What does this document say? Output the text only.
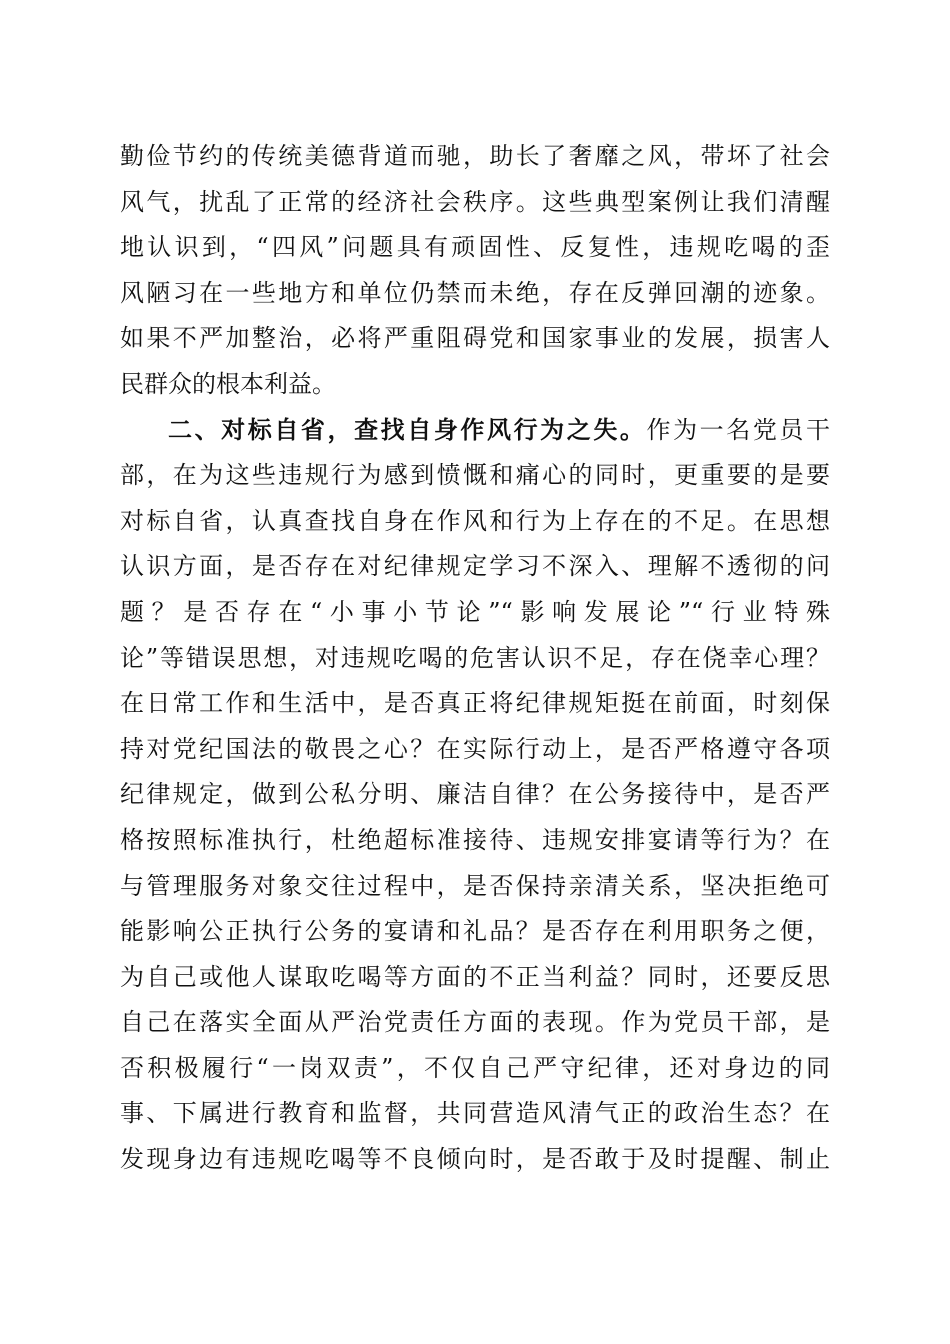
勤俭节约的传统美德背道而驰，助长了奢靡之风，带坏了社会
风气，扰乱了正常的经济社会秩序。这些典型案例让我们清醒
地认识到，“四风”问题具有顽固性、反复性，违规吃喝的歪
风陋习在一些地方和单位仍禁而未绝，存在反弹回潮的迹象。
如果不严加整治，必将严重阻碍党和国家事业的发展，损害人
民群众的根本利益。
二、对标自省，查找自身作风行为之失。作为一名党员干
部，在为这些违规行为感到愤慨和痛心的同时，更重要的是要
对标自省，认真查找自身在作风和行为上存在的不足。在思想
认识方面，是否存在对纪律规定学习不深入、理解不透彻的问
题？是否存在“小事小节论”“影响发展论”“行业特殊
论”等错误思想，对违规吃喝的危害认识不足，存在侥幸心理？
在日常工作和生活中，是否真正将纪律规矩挺在前面，时刻保
持对党纪国法的敬畏之心？在实际行动上，是否严格遵守各项
纪律规定，做到公私分明、廉洁自律？在公务接待中，是否严
格按照标准执行，杜绝超标准接待、违规安排宴请等行为？在
与管理服务对象交往过程中，是否保持亲清关系，坚决拒绝可
能影响公正执行公务的宴请和礼品？是否存在利用职务之便，
为自己或他人谋取吃喝等方面的不正当利益？同时，还要反思
自己在落实全面从严治党责任方面的表现。作为党员干部，是
否积极履行“一岗双责”，不仅自己严守纪律，还对身边的同
事、下属进行教育和监督，共同营造风清气正的政治生态？在
发现身边有违规吃喝等不良倾向时，是否敢于及时提醒、制止
